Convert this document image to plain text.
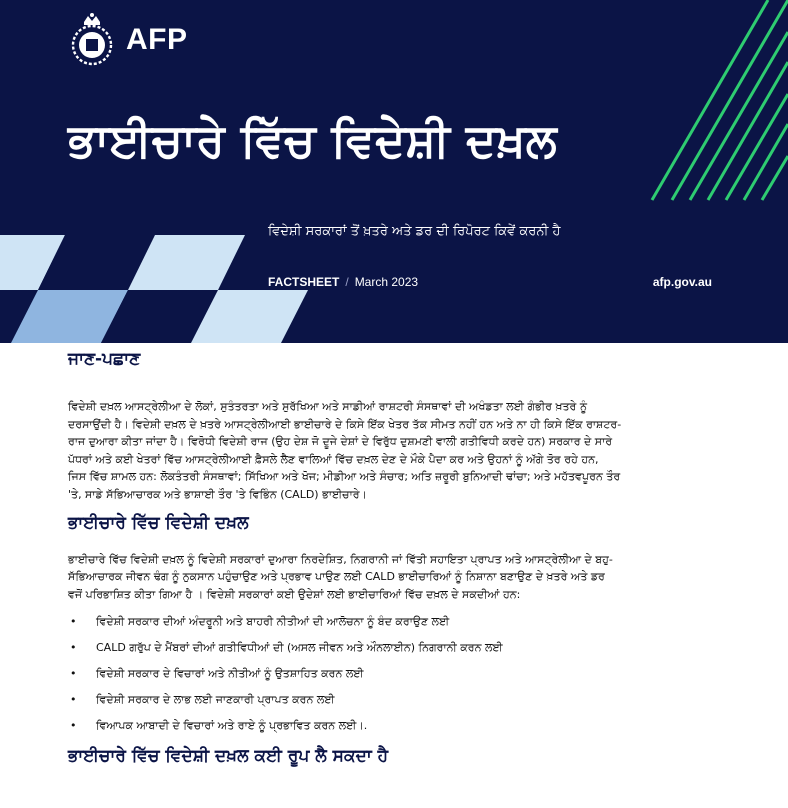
AFP
ਭਾਈਚਾਰੇ ਵਿੱਚ ਵਿਦੇਸ਼ੀ ਦਖ਼ਲ
ਵਿਦੇਸ਼ੀ ਸਰਕਾਰਾਂ ਤੋਂ ਖ਼ਤਰੇ ਅਤੇ ਡਰ ਦੀ ਰਿਪੋਰਟ ਕਿਵੇਂ ਕਰਨੀ ਹੈ
FACTSHEET / March 2023	afp.gov.au
ਜਾਣ-ਪਛਾਣ

ਵਿਦੇਸ਼ੀ ਦਖ਼ਲ ਆਸਟ੍ਰੇਲੀਆ ਦੇ ਲੋਕਾਂ, ਸੁਤੰਤਰਤਾ ਅਤੇ ਸੁਰੱਖਿਆ ਅਤੇ ਸਾਡੀਆਂ ਰਾਸ਼ਟਰੀ ਸੰਸਥਾਵਾਂ ਦੀ ਅਖੰਡਤਾ ਲਈ ਗੰਭੀਰ ਖ਼ਤਰੇ ਨੂੰ
ਦਰਸਾਉਂਦੀ ਹੈ। ਵਿਦੇਸ਼ੀ ਦਖ਼ਲ ਦੇ ਖ਼ਤਰੇ ਆਸਟ੍ਰੇਲੀਆਈ ਭਾਈਚਾਰੇ ਦੇ ਕਿਸੇ ਇੱਕ ਖੇਤਰ ਤੱਕ ਸੀਮਤ ਨਹੀਂ ਹਨ ਅਤੇ ਨਾ ਹੀ ਕਿਸੇ ਇੱਕ ਰਾਸ਼ਟਰ-
ਰਾਜ ਦੁਆਰਾ ਕੀਤਾ ਜਾਂਦਾ ਹੈ। ਵਿਰੋਧੀ ਵਿਦੇਸ਼ੀ ਰਾਜ (ਉਹ ਦੇਸ਼ ਜੋ ਦੂਜੇ ਦੇਸ਼ਾਂ ਦੇ ਵਿਰੁੱਧ ਦੁਸ਼ਮਣੀ ਵਾਲੀ ਗਤੀਵਿਧੀ ਕਰਦੇ ਹਨ) ਸਰਕਾਰ ਦੇ ਸਾਰੇ
ਪੱਧਰਾਂ ਅਤੇ ਕਈ ਖੇਤਰਾਂ ਵਿੱਚ ਆਸਟ੍ਰੇਲੀਆਈ ਫ਼ੈਸਲੇ ਲੈਣ ਵਾਲਿਆਂ ਵਿੱਚ ਦਖ਼ਲ ਦੇਣ ਦੇ ਮੌਕੇ ਪੈਦਾ ਕਰ ਅਤੇ ਉਹਨਾਂ ਨੂੰ ਅੱਗੇ ਤੋਰ ਰਹੇ ਹਨ,
ਜਿਸ ਵਿੱਚ ਸ਼ਾਮਲ ਹਨ: ਲੋਕਤੰਤਰੀ ਸੰਸਥਾਵਾਂ; ਸਿੱਖਿਆ ਅਤੇ ਖੋਜ; ਮੀਡੀਆ ਅਤੇ ਸੰਚਾਰ; ਅਤਿ ਜ਼ਰੂਰੀ ਬੁਨਿਆਦੀ ਢਾਂਚਾ; ਅਤੇ ਮਹੱਤਵਪੂਰਨ ਤੌਰ
'ਤੇ, ਸਾਡੇ ਸੱਭਿਆਚਾਰਕ ਅਤੇ ਭਾਸ਼ਾਈ ਤੌਰ 'ਤੇ ਵਿਭਿੰਨ (CALD) ਭਾਈਚਾਰੇ।

ਭਾਈਚਾਰੇ ਵਿੱਚ ਵਿਦੇਸ਼ੀ ਦਖ਼ਲ

ਭਾਈਚਾਰੇ ਵਿੱਚ ਵਿਦੇਸ਼ੀ ਦਖ਼ਲ ਨੂੰ ਵਿਦੇਸ਼ੀ ਸਰਕਾਰਾਂ ਦੁਆਰਾ ਨਿਰਦੇਸ਼ਿਤ, ਨਿਗਰਾਨੀ ਜਾਂ ਵਿੱਤੀ ਸਹਾਇਤਾ ਪ੍ਰਾਪਤ ਅਤੇ ਆਸਟ੍ਰੇਲੀਆ ਦੇ ਬਹੁ-
ਸੱਭਿਆਚਾਰਕ ਜੀਵਨ ਢੰਗ ਨੂੰ ਨੁਕਸਾਨ ਪਹੁੰਚਾਉਣ ਅਤੇ ਪ੍ਰਭਾਵ ਪਾਉਣ ਲਈ CALD ਭਾਈਚਾਰਿਆਂ ਨੂੰ ਨਿਸ਼ਾਨਾ ਬਣਾਉਣ ਦੇ ਖ਼ਤਰੇ ਅਤੇ ਡਰ
ਵਜੋਂ ਪਰਿਭਾਸ਼ਿਤ ਕੀਤਾ ਗਿਆ ਹੈ । ਵਿਦੇਸ਼ੀ ਸਰਕਾਰਾਂ ਕਈ ਉਦੇਸ਼ਾਂ ਲਈ ਭਾਈਚਾਰਿਆਂ ਵਿੱਚ ਦਖ਼ਲ ਦੇ ਸਕਦੀਆਂ ਹਨ:

• ਵਿਦੇਸ਼ੀ ਸਰਕਾਰ ਦੀਆਂ ਅੰਦਰੂਨੀ ਅਤੇ ਬਾਹਰੀ ਨੀਤੀਆਂ ਦੀ ਆਲੋਚਨਾ ਨੂੰ ਬੰਦ ਕਰਾਉਣ ਲਈ
• CALD ਗਰੁੱਪ ਦੇ ਮੈਂਬਰਾਂ ਦੀਆਂ ਗਤੀਵਿਧੀਆਂ ਦੀ (ਅਸਲ ਜੀਵਨ ਅਤੇ ਔਨਲਾਈਨ) ਨਿਗਰਾਨੀ ਕਰਨ ਲਈ
• ਵਿਦੇਸ਼ੀ ਸਰਕਾਰ ਦੇ ਵਿਚਾਰਾਂ ਅਤੇ ਨੀਤੀਆਂ ਨੂੰ ਉਤਸ਼ਾਹਿਤ ਕਰਨ ਲਈ
• ਵਿਦੇਸ਼ੀ ਸਰਕਾਰ ਦੇ ਲਾਭ ਲਈ ਜਾਣਕਾਰੀ ਪ੍ਰਾਪਤ ਕਰਨ ਲਈ
• ਵਿਆਪਕ ਆਬਾਦੀ ਦੇ ਵਿਚਾਰਾਂ ਅਤੇ ਰਾਏ ਨੂੰ ਪ੍ਰਭਾਵਿਤ ਕਰਨ ਲਈ।.
ਭਾਈਚਾਰੇ ਵਿੱਚ ਵਿਦੇਸ਼ੀ ਦਖ਼ਲ ਕਈ ਰੂਪ ਲੈ ਸਕਦਾ ਹੈ
